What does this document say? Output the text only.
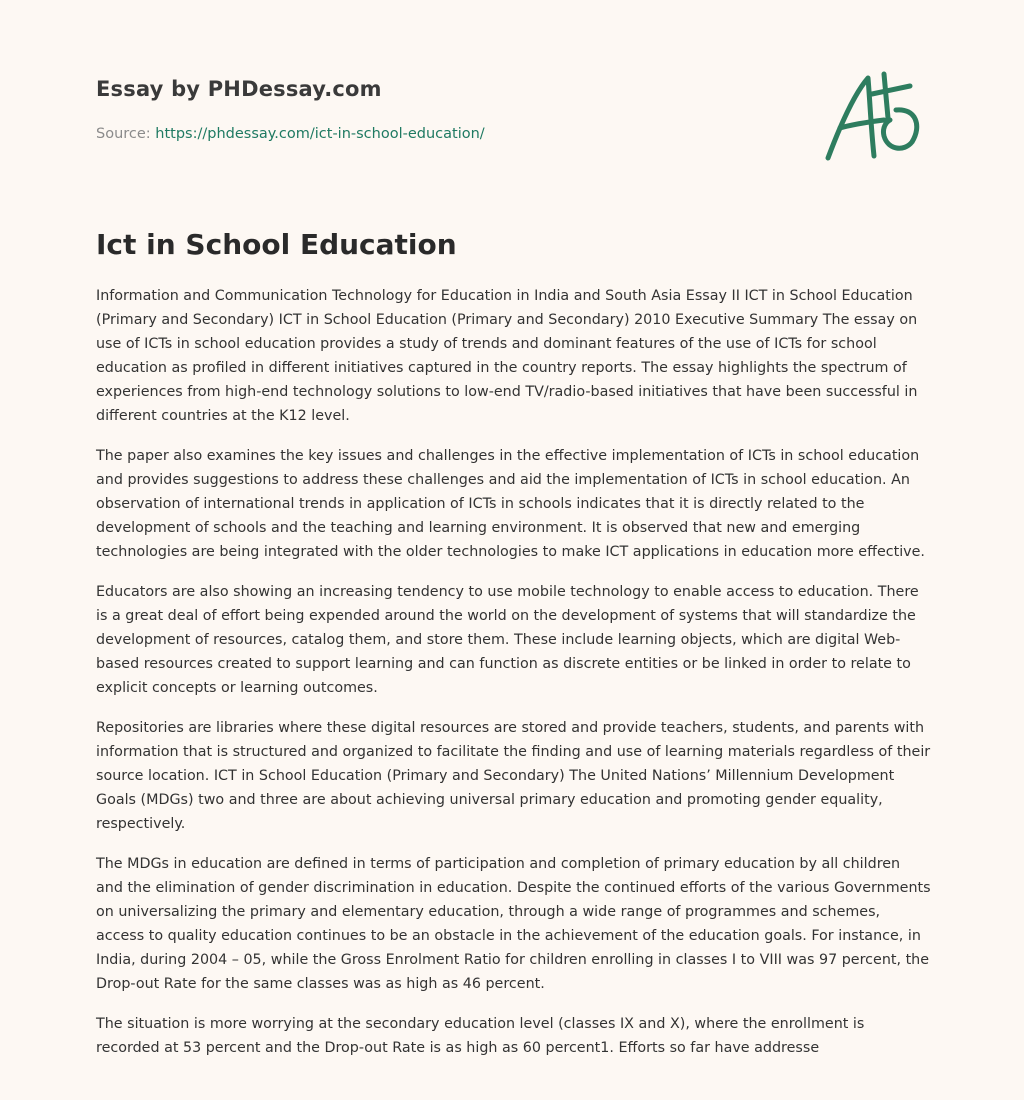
Essay by PHDessay.com

Source: https://phdessay.com/ict-in-school-education/
Ict in School Education

Information and Communication Technology for Education in India and South Asia Essay II ICT in School Education (Primary and Secondary) ICT in School Education (Primary and Secondary) 2010 Executive Summary The essay on use of ICTs in school education provides a study of trends and dominant features of the use of ICTs for school education as profiled in different initiatives captured in the country reports. The essay highlights the spectrum of experiences from high-end technology solutions to low-end TV/radio-based initiatives that have been successful in different countries at the K12 level.

The paper also examines the key issues and challenges in the effective implementation of ICTs in school education and provides suggestions to address these challenges and aid the implementation of ICTs in school education. An observation of international trends in application of ICTs in schools indicates that it is directly related to the development of schools and the teaching and learning environment. It is observed that new and emerging technologies are being integrated with the older technologies to make ICT applications in education more effective.

Educators are also showing an increasing tendency to use mobile technology to enable access to education. There is a great deal of effort being expended around the world on the development of systems that will standardize the development of resources, catalog them, and store them. These include learning objects, which are digital Web-based resources created to support learning and can function as discrete entities or be linked in order to relate to explicit concepts or learning outcomes.

Repositories are libraries where these digital resources are stored and provide teachers, students, and parents with information that is structured and organized to facilitate the finding and use of learning materials regardless of their source location. ICT in School Education (Primary and Secondary) The United Nations’ Millennium Development Goals (MDGs) two and three are about achieving universal primary education and promoting gender equality, respectively.

The MDGs in education are defined in terms of participation and completion of primary education by all children and the elimination of gender discrimination in education. Despite the continued efforts of the various Governments on universalizing the primary and elementary education, through a wide range of programmes and schemes, access to quality education continues to be an obstacle in the achievement of the education goals. For instance, in India, during 2004 – 05, while the Gross Enrolment Ratio for children enrolling in classes I to VIII was 97 percent, the Drop-out Rate for the same classes was as high as 46 percent.

The situation is more worrying at the secondary education level (classes IX and X), where the enrollment is recorded at 53 percent and the Drop-out Rate is as high as 60 percent1. Efforts so far have addresse
